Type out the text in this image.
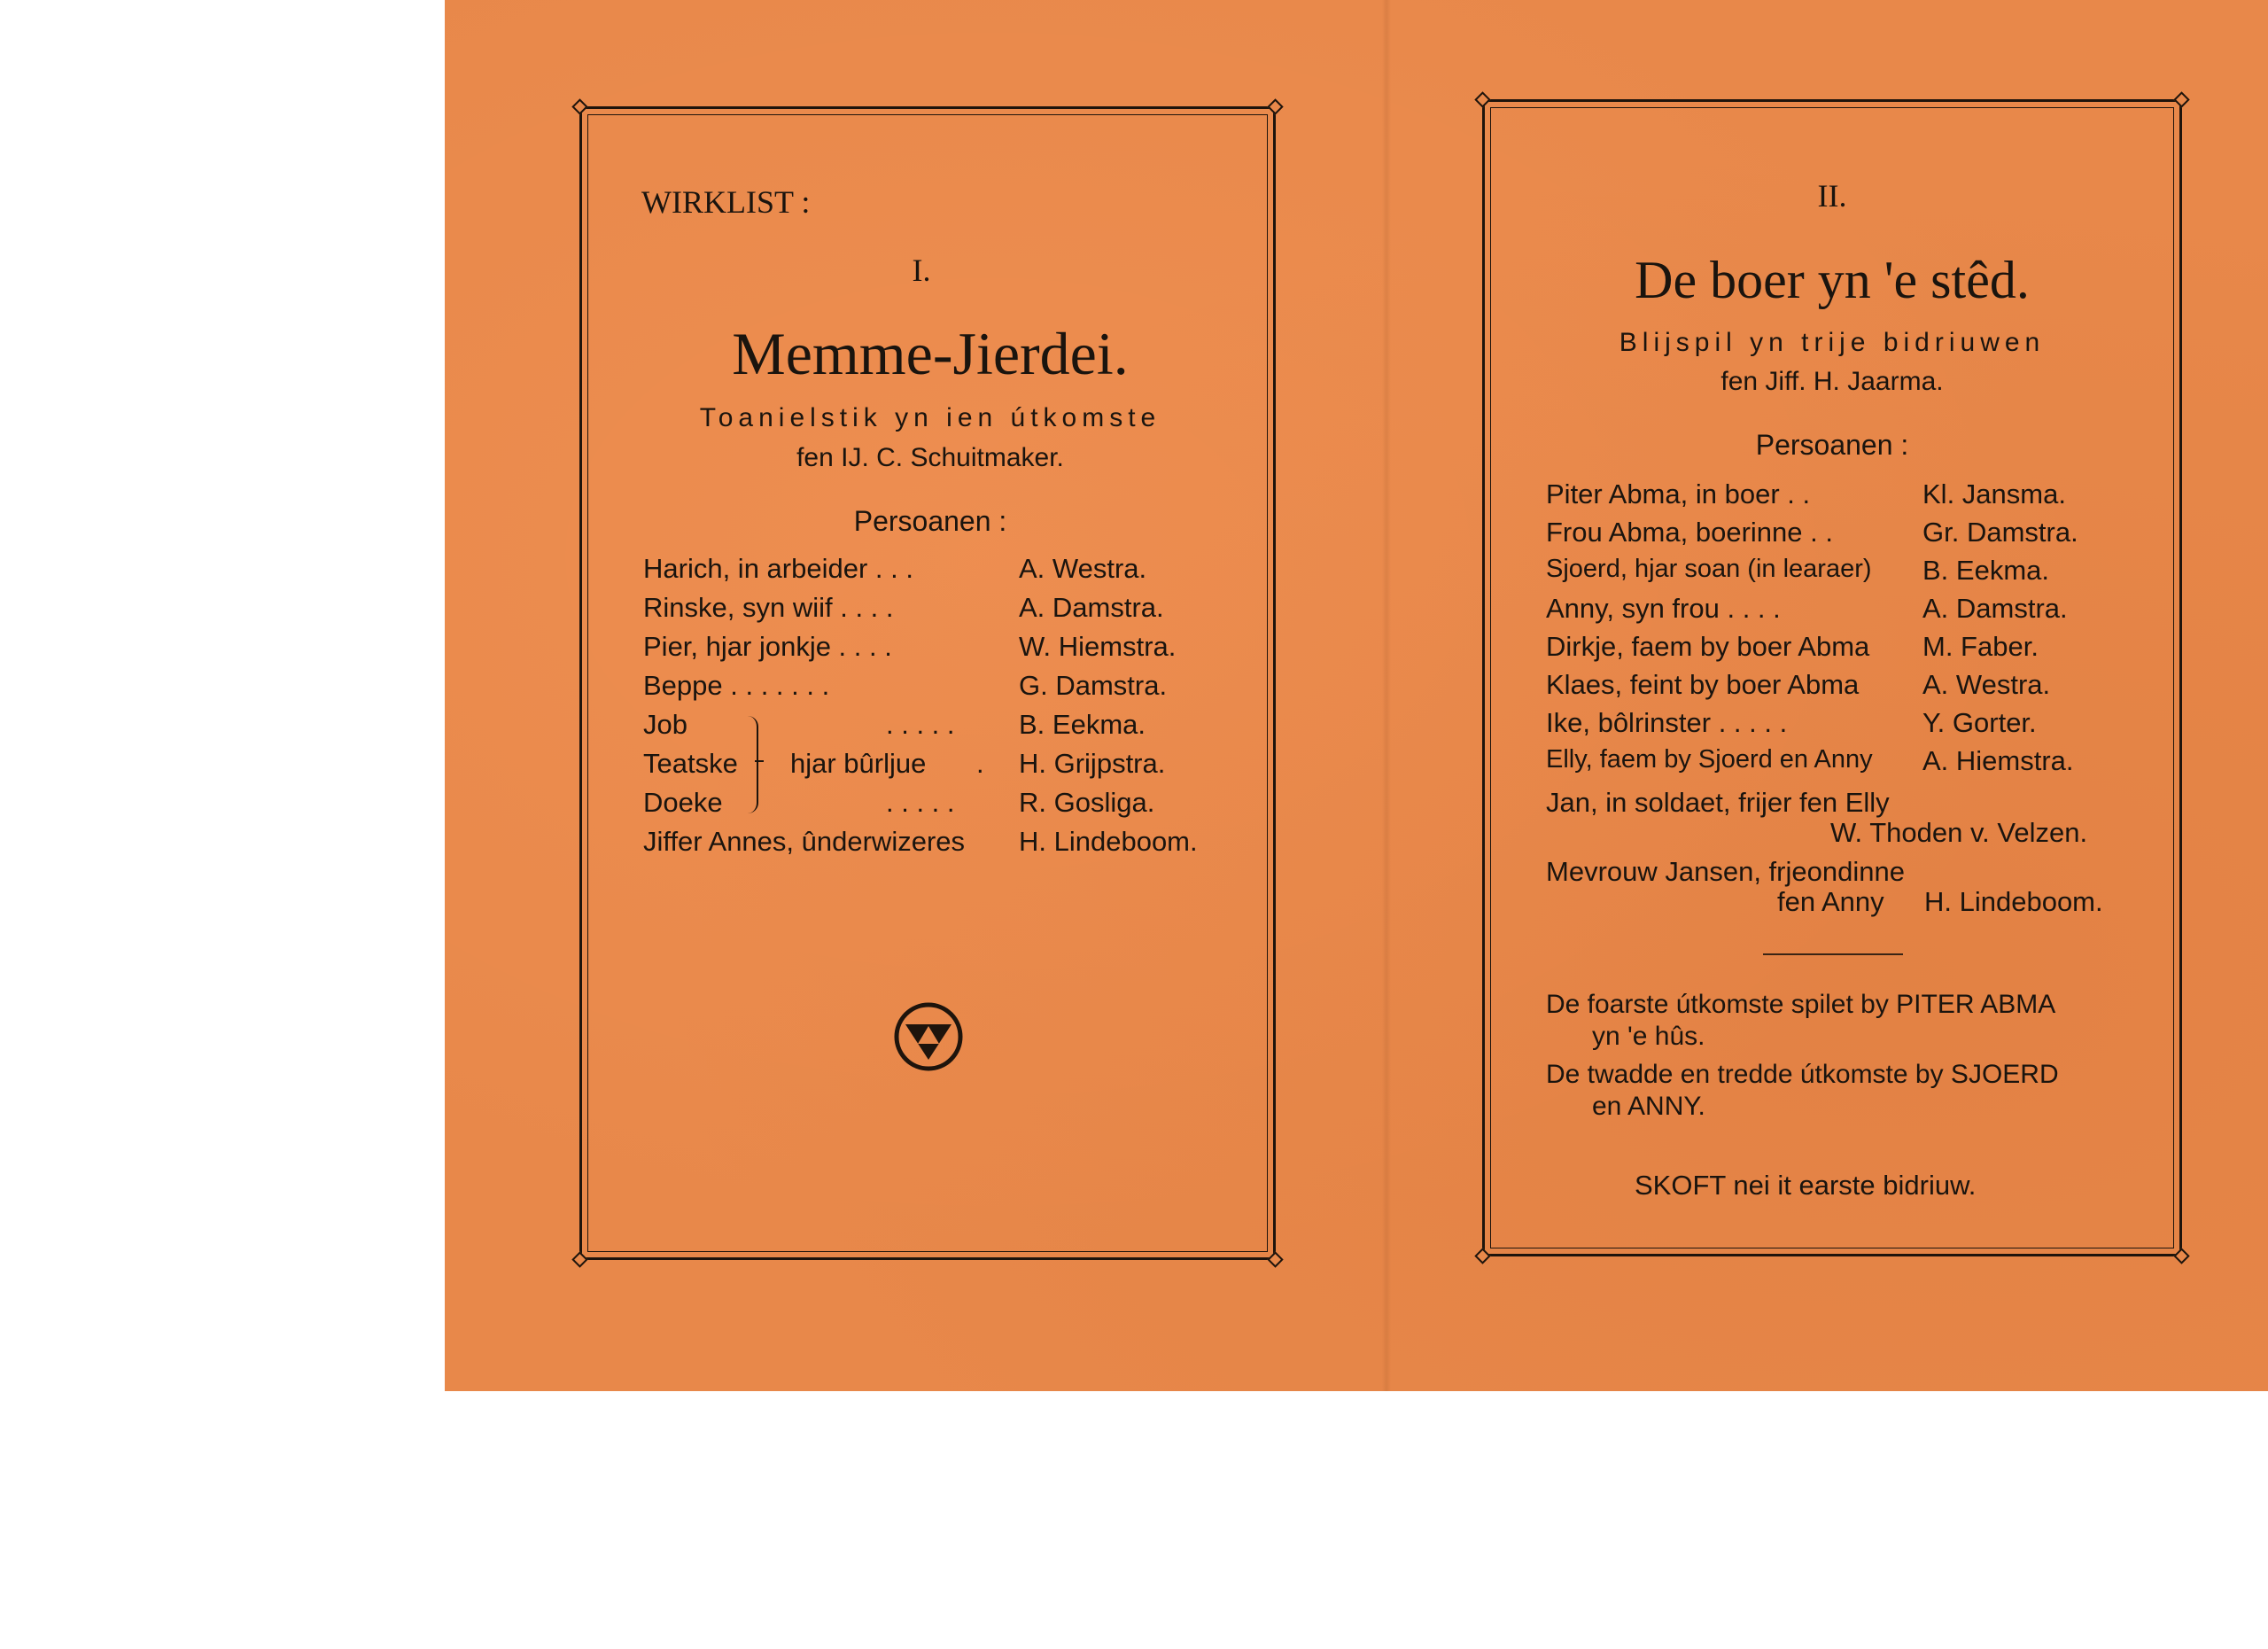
WIRKLIST :
I.
Memme-Jierdei.
Toanielstik yn ien útkomste
fen IJ. C. Schuitmaker.
Persoanen :
Harich, in arbeider . . .	A. Westra.
Rinske, syn wiif . . . .	A. Damstra.
Pier, hjar jonkje . . . .	W. Hiemstra.
Beppe . . . . . . .	G. Damstra.
Job	. . . . . B. Eekma.
Teatske hjar bûrljue . H. Grijpstra.
Doeke	. . . . . R. Gosliga.
Jiffer Annes, ûnderwizeres H. Lindeboom.
II.
De boer yn 'e stêd.
Blijspil yn trije bidriuwen
fen Jiff. H. Jaarma.
Persoanen :
Piter Abma, in boer . .	Kl. Jansma.
Frou Abma, boerinne . .	Gr. Damstra.
Sjoerd, hjar soan (in learaer) B. Eekma.
Anny, syn frou . . . .	A. Damstra.
Dirkje, faem by boer Abma M. Faber.
Klaes, feint by boer Abma A. Westra.
Ike, bôlrinster . . . . .	Y. Gorter.
Elly, faem by Sjoerd en Anny A. Hiemstra.
Jan, in soldaet, frijer fen Elly
W. Thoden v. Velzen.
Mevrouw Jansen, frjeondinne
fen Anny H. Lindeboom.
De foarste útkomste spilet by PITER ABMA
yn 'e hûs.
De twadde en tredde útkomste by SJOERD
en ANNY.
SKOFT nei it earste bidriuw.
